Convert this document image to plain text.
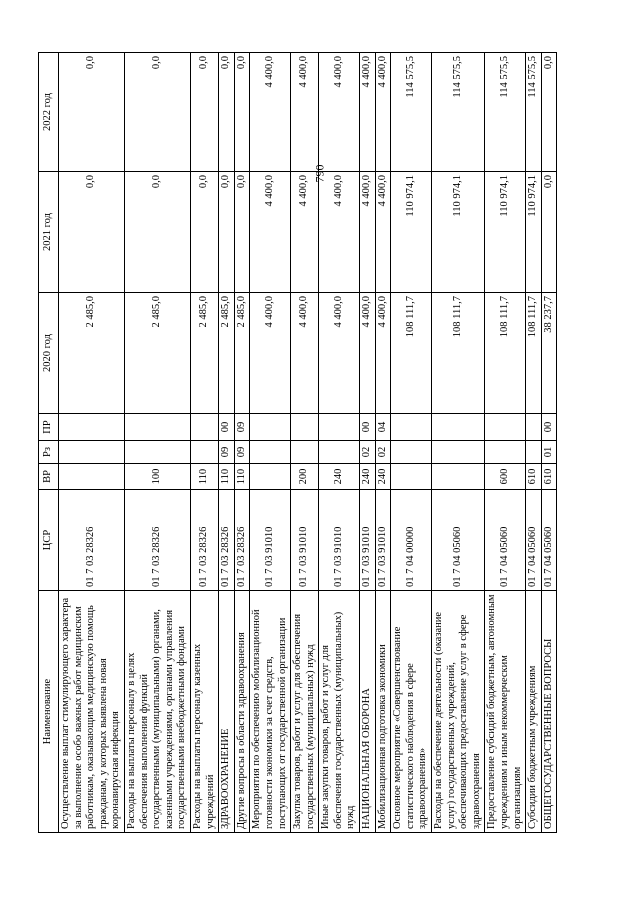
790
Наименование	ЦСР	ВР	Рз	ПР	2020 год	2021 год	2022 год
Осуществление выплат стимулирующего характера за выполнение особо важных работ медицинским работникам, оказывающим медицинскую помощь гражданам, у которых выявлена новая коронавирусная инфекция	01 7 03 28326				2 485,0	0,0	0,0
Расходы на выплаты персоналу в целях обеспечения выполнения функций государственными (муниципальными) органами, казенными учреждениями, органами управления государственными внебюджетными фондами	01 7 03 28326	100			2 485,0	0,0	0,0
Расходы на выплаты персоналу казенных учреждений	01 7 03 28326	110			2 485,0	0,0	0,0
ЗДРАВООХРАНЕНИЕ	01 7 03 28326	110	09	00	2 485,0	0,0	0,0
Другие вопросы в области здравоохранения	01 7 03 28326	110	09	09	2 485,0	0,0	0,0
Мероприятия по обеспечению мобилизационной готовности экономики за счет средств, поступающих от государственной организации	01 7 03 91010				4 400,0	4 400,0	4 400,0
Закупка товаров, работ и услуг для обеспечения государственных (муниципальных) нужд	01 7 03 91010	200			4 400,0	4 400,0	4 400,0
Иные закупки товаров, работ и услуг для обеспечения государственных (муниципальных) нужд	01 7 03 91010	240			4 400,0	4 400,0	4 400,0
НАЦИОНАЛЬНАЯ ОБОРОНА	01 7 03 91010	240	02	00	4 400,0	4 400,0	4 400,0
Мобилизационная подготовка экономики	01 7 03 91010	240	02	04	4 400,0	4 400,0	4 400,0
Основное мероприятие «Совершенствование статистического наблюдения в сфере здравоохранения»	01 7 04 00000				108 111,7	110 974,1	114 575,5
Расходы на обеспечение деятельности (оказание услуг) государственных учреждений, обеспечивающих предоставление услуг в сфере здравоохранения	01 7 04 05060				108 111,7	110 974,1	114 575,5
Предоставление субсидий бюджетным, автономным учреждениям и иным некоммерческим организациям	01 7 04 05060	600			108 111,7	110 974,1	114 575,5
Субсидии бюджетным учреждениям	01 7 04 05060	610			108 111,7	110 974,1	114 575,5
ОБЩЕГОСУДАРСТВЕННЫЕ ВОПРОСЫ	01 7 04 05060	610	01	00	38 237,7	0,0	0,0
